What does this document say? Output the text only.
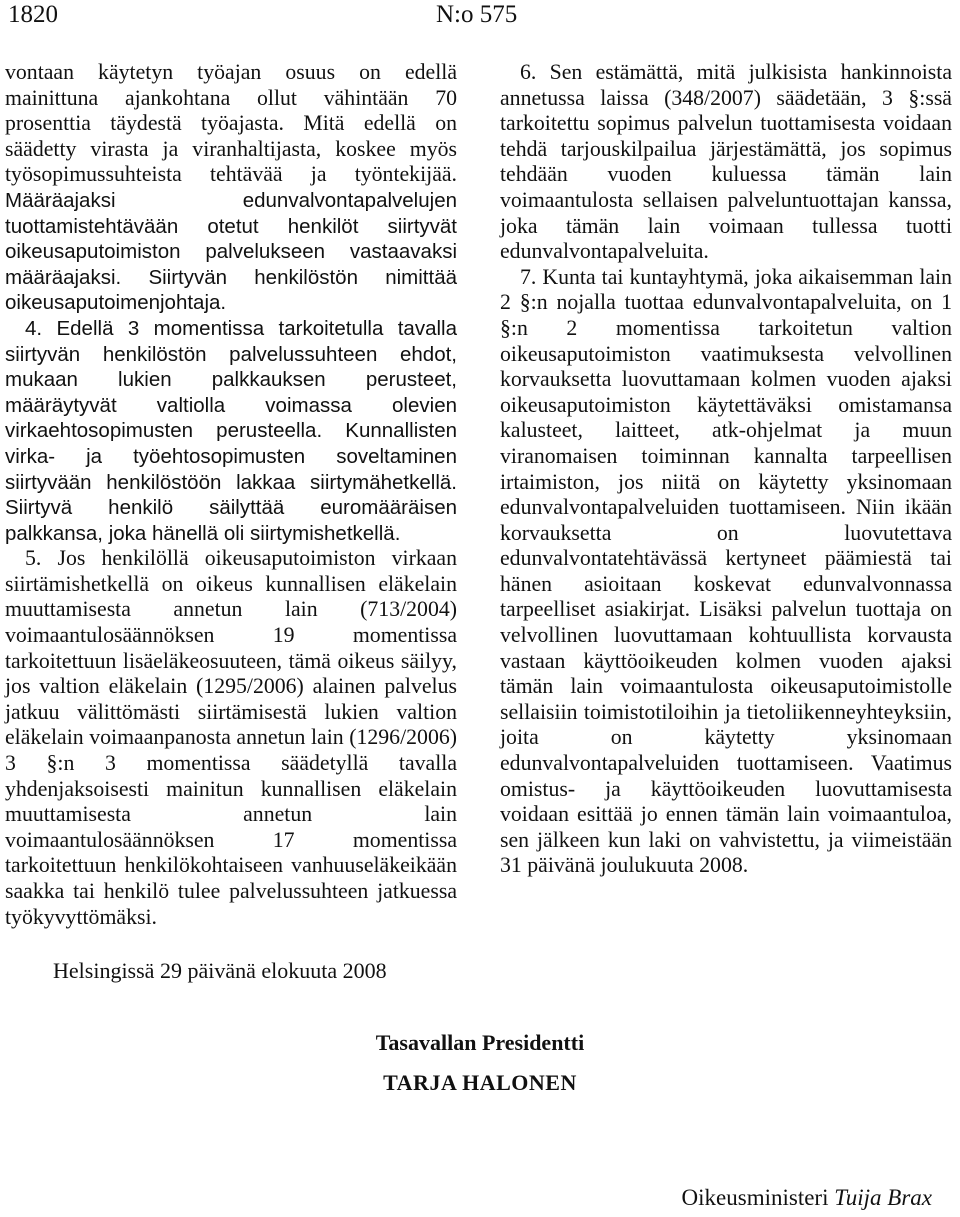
1820	N:o 575

vontaan käytetyn työajan osuus on edellä mainittuna ajankohtana ollut vähintään 70 prosenttia täydestä työajasta. Mitä edellä on säädetty virasta ja viranhaltijasta, koskee myös työsopimussuhteista tehtävää ja työntekijää. Määräajaksi edunvalvontapalvelujen tuottamistehtävään otetut henkilöt siirtyvät oikeusaputoimiston palvelukseen vastaavaksi määräajaksi. Siirtyvän henkilöstön nimittää oikeusaputoimenjohtaja.

4. Edellä 3 momentissa tarkoitetulla tavalla siirtyvän henkilöstön palvelussuhteen ehdot, mukaan lukien palkkauksen perusteet, määräytyvät valtiolla voimassa olevien virkaehtosopimusten perusteella. Kunnallisten virka- ja työehtosopimusten soveltaminen siirtyvään henkilöstöön lakkaa siirtymähetkellä. Siirtyvä henkilö säilyttää euromääräisen palkkansa, joka hänellä oli siirtymishetkellä.

5. Jos henkilöllä oikeusaputoimiston virkaan siirtämishetkellä on oikeus kunnallisen eläkelain muuttamisesta annetun lain (713/2004) voimaantulosäännöksen 19 momentissa tarkoitettuun lisäeläkeosuuteen, tämä oikeus säilyy, jos valtion eläkelain (1295/2006) alainen palvelus jatkuu välittömästi siirtämisestä lukien valtion eläkelain voimaanpanosta annetun lain (1296/2006) 3 §:n 3 momentissa säädetyllä tavalla yhdenjaksoisesti mainitun kunnallisen eläkelain muuttamisesta annetun lain voimaantulosäännöksen 17 momentissa tarkoitettuun henkilökohtaiseen vanhuuseläkeikään saakka tai henkilö tulee palvelussuhteen jatkuessa työkyvyttömäksi.

6. Sen estämättä, mitä julkisista hankinnoista annetussa laissa (348/2007) säädetään, 3 §:ssä tarkoitettu sopimus palvelun tuottamisesta voidaan tehdä tarjouskilpailua järjestämättä, jos sopimus tehdään vuoden kuluessa tämän lain voimaantulosta sellaisen palveluntuottajan kanssa, joka tämän lain voimaan tullessa tuotti edunvalvontapalveluita.

7. Kunta tai kuntayhtymä, joka aikaisemman lain 2 §:n nojalla tuottaa edunvalvontapalveluita, on 1 §:n 2 momentissa tarkoitetun valtion oikeusaputoimiston vaatimuksesta velvollinen korvauksetta luovuttamaan kolmen vuoden ajaksi oikeusaputoimiston käytettäväksi omistamansa kalusteet, laitteet, atk-ohjelmat ja muun viranomaisen toiminnan kannalta tarpeellisen irtaimiston, jos niitä on käytetty yksinomaan edunvalvontapalveluiden tuottamiseen. Niin ikään korvauksetta on luovutettava edunvalvontatehtävässä kertyneet päämiestä tai hänen asioitaan koskevat edunvalvonnassa tarpeelliset asiakirjat. Lisäksi palvelun tuottaja on velvollinen luovuttamaan kohtuullista korvausta vastaan käyttöoikeuden kolmen vuoden ajaksi tämän lain voimaantulosta oikeusaputoimistolle sellaisiin toimistotiloihin ja tietoliikenneyhteyksiin, joita on käytetty yksinomaan edunvalvontapalveluiden tuottamiseen. Vaatimus omistus- ja käyttöoikeuden luovuttamisesta voidaan esittää jo ennen tämän lain voimaantuloa, sen jälkeen kun laki on vahvistettu, ja viimeistään 31 päivänä joulukuuta 2008.

Helsingissä 29 päivänä elokuuta 2008
Tasavallan Presidentti
TARJA HALONEN
Oikeusministeri Tuija Brax
